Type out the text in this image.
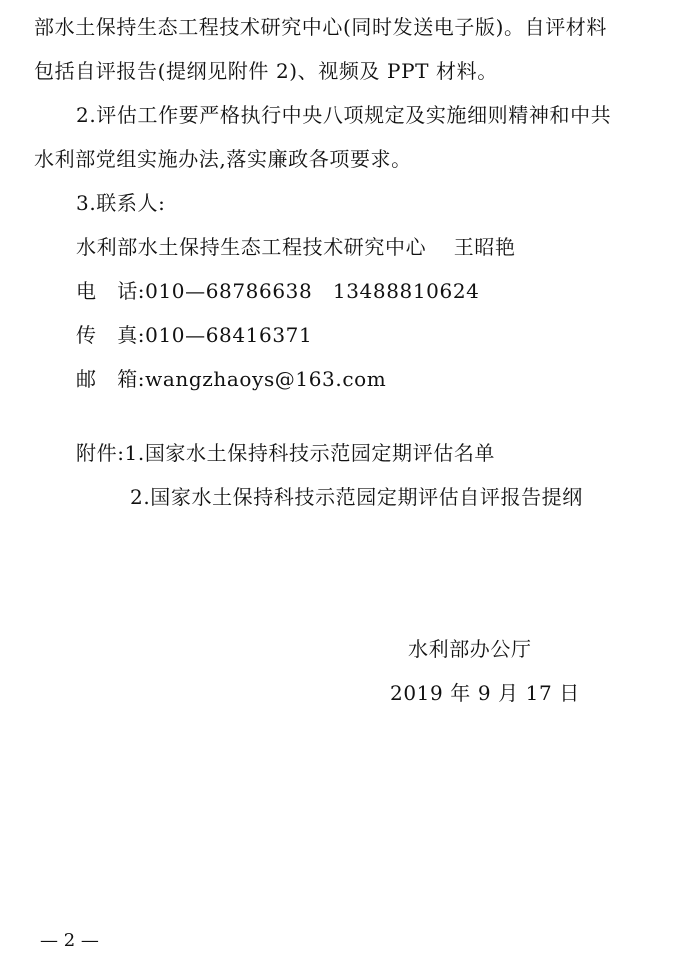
部水土保持生态工程技术研究中心(同时发送电子版)。自评材料
包括自评报告(提纲见附件 2)、视频及 PPT 材料。
2.评估工作要严格执行中央八项规定及实施细则精神和中共
水利部党组实施办法,落实廉政各项要求。
3.联系人:
水利部水土保持生态工程技术研究中心　 王昭艳
电　话:010—68786638　13488810624
传　真:010—68416371
邮　箱:wangzhaoys@163.com
附件:1.国家水土保持科技示范园定期评估名单
2.国家水土保持科技示范园定期评估自评报告提纲
水利部办公厅
2019 年 9 月 17 日
— 2 —
